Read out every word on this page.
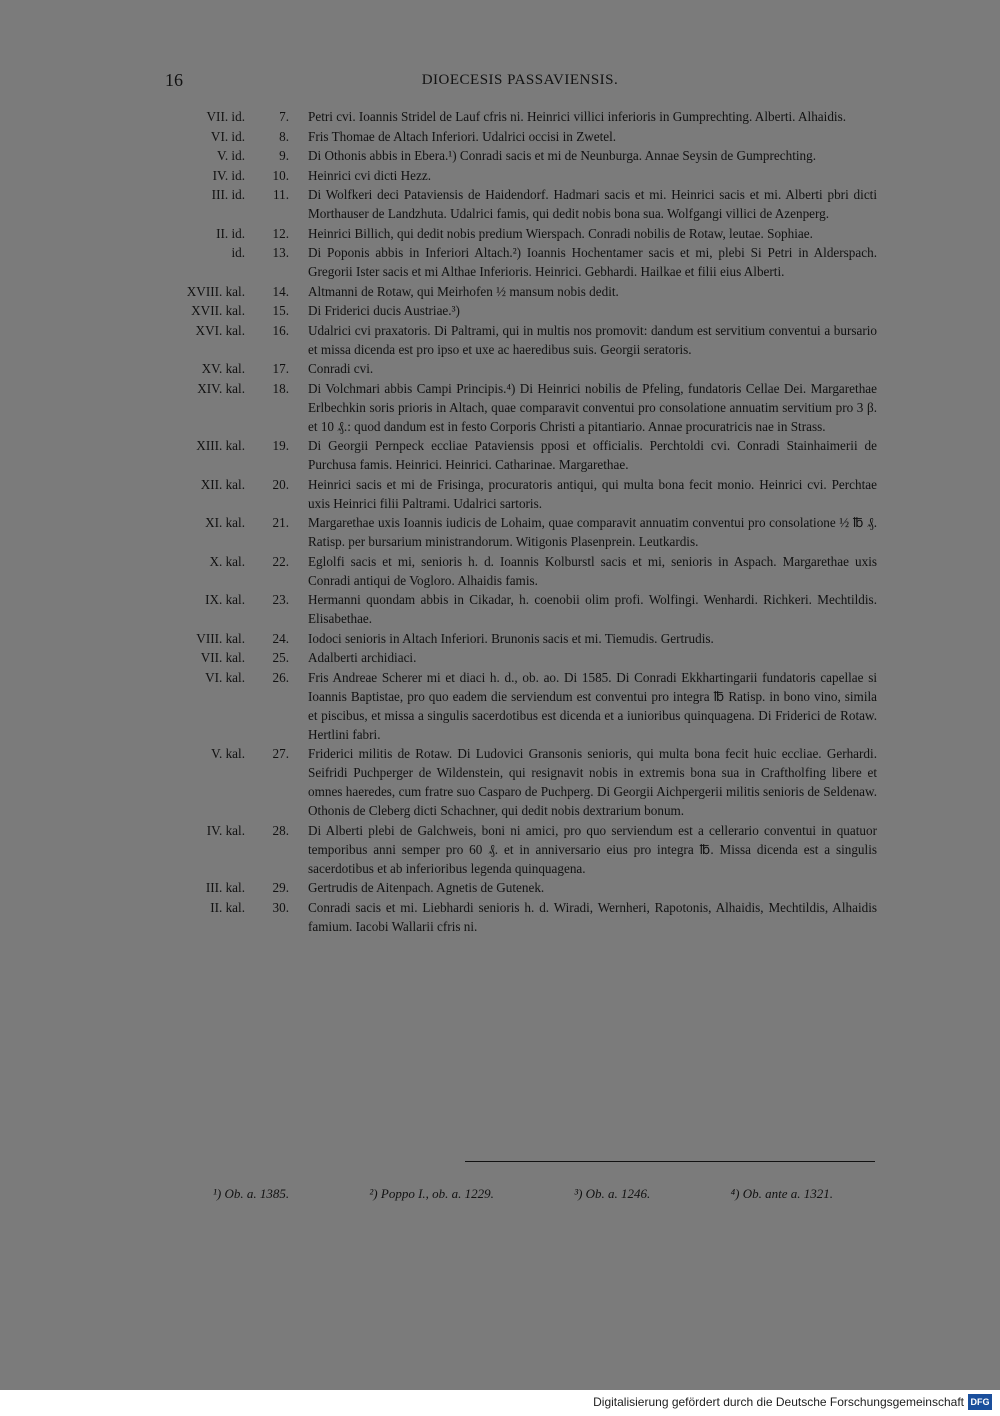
16	DIOECESIS PASSAVIENSIS.
VII. id.	7.	Petri cvi. Ioannis Stridel de Lauf cfris ni. Heinrici villici inferioris in Gumprechting. Alberti. Alhaidis.
VI. id.	8.	Fris Thomae de Altach Inferiori. Udalrici occisi in Zwetel.
V. id.	9.	Di Othonis abbis in Ebera.¹) Conradi sacis et mi de Neunburga. Annae Seysin de Gumprechting.
IV. id.	10.	Heinrici cvi dicti Hezz.
III. id.	11.	Di Wolfkeri deci Pataviensis de Haidendorf. Hadmari sacis et mi. Heinrici sacis et mi. Alberti pbri dicti Morthauser de Landzhuta. Udalrici famis, qui dedit nobis bona sua. Wolfgangi villici de Azenperg.
II. id.	12.	Heinrici Billich, qui dedit nobis predium Wierspach. Conradi nobilis de Rotaw, leutae. Sophiae.
id.	13.	Di Poponis abbis in Inferiori Altach.²) Ioannis Hochentamer sacis et mi, plebi Si Petri in Alderspach. Gregorii Ister sacis et mi Althae Inferioris. Heinrici. Gebhardi. Hailkae et filii eius Alberti.
XVIII. kal.	14.	Altmanni de Rotaw, qui Meirhofen ½ mansum nobis dedit.
XVII. kal.	15.	Di Friderici ducis Austriae.³)
XVI. kal.	16.	Udalrici cvi praxatoris. Di Paltrami, qui in multis nos promovit: dandum est servitium conventui a bursario et missa dicenda est pro ipso et uxe ac haeredibus suis. Georgii seratoris.
XV. kal.	17.	Conradi cvi.
XIV. kal.	18.	Di Volchmari abbis Campi Principis.⁴) Di Heinrici nobilis de Pfeling, fundatoris Cellae Dei. Margarethae Erlbechkin soris prioris in Altach, quae comparavit conventui pro consolatione annuatim servitium pro 3 β. et 10 ₰.: quod dandum est in festo Corporis Christi a pitantiario. Annae procuratricis nae in Strass.
XIII. kal.	19.	Di Georgii Pernpeck eccliae Pataviensis pposi et officialis. Perchtoldi cvi. Conradi Stainhaimerii de Purchusa famis. Heinrici. Heinrici. Catharinae. Margarethae.
XII. kal.	20.	Heinrici sacis et mi de Frisinga, procuratoris antiqui, qui multa bona fecit monio. Heinrici cvi. Perchtae uxis Heinrici filii Paltrami. Udalrici sartoris.
XI. kal.	21.	Margarethae uxis Ioannis iudicis de Lohaim, quae comparavit annuatim conventui pro consolatione ½ ℔ ₰. Ratisp. per bursarium ministrandorum. Witigonis Plasenprein. Leutkardis.
X. kal.	22.	Eglolfi sacis et mi, senioris h. d. Ioannis Kolburstl sacis et mi, senioris in Aspach. Margarethae uxis Conradi antiqui de Vogloro. Alhaidis famis.
IX. kal.	23.	Hermanni quondam abbis in Cikadar, h. coenobii olim profi. Wolfingi. Wenhardi. Richkeri. Mechtildis. Elisabethae.
VIII. kal.	24.	Iodoci senioris in Altach Inferiori. Brunonis sacis et mi. Tiemudis. Gertrudis.
VII. kal.	25.	Adalberti archidiaci.
VI. kal.	26.	Fris Andreae Scherer mi et diaci h. d., ob. ao. Di 1585. Di Conradi Ekkhartingarii fundatoris capellae si Ioannis Baptistae, pro quo eadem die serviendum est conventui pro integra ℔ Ratisp. in bono vino, simila et piscibus, et missa a singulis sacerdotibus est dicenda et a iunioribus quinquagena. Di Friderici de Rotaw. Hertlini fabri.
V. kal.	27.	Friderici militis de Rotaw. Di Ludovici Gransonis senioris, qui multa bona fecit huic eccliae. Gerhardi. Seifridi Puchperger de Wildenstein, qui resignavit nobis in extremis bona sua in Craftholfing libere et omnes haeredes, cum fratre suo Casparo de Puchperg. Di Georgii Aichpergerii militis senioris de Seldenaw. Othonis de Cleberg dicti Schachner, qui dedit nobis dextrarium bonum.
IV. kal.	28.	Di Alberti plebi de Galchweis, boni ni amici, pro quo serviendum est a cellerario conventui in quatuor temporibus anni semper pro 60 ₰. et in anniversario eius pro integra ℔. Missa dicenda est a singulis sacerdotibus et ab inferioribus legenda quinquagena.
III. kal.	29.	Gertrudis de Aitenpach. Agnetis de Gutenek.
II. kal.	30.	Conradi sacis et mi. Liebhardi senioris h. d. Wiradi, Wernheri, Rapotonis, Alhaidis, Mechtildis, Alhaidis famium. Iacobi Wallarii cfris ni.
¹) Ob. a. 1385.	²) Poppo I., ob. a. 1229.	³) Ob. a. 1246.	⁴) Ob. ante a. 1321.
Digitalisierung gefördert durch die Deutsche Forschungsgemeinschaft DFG
